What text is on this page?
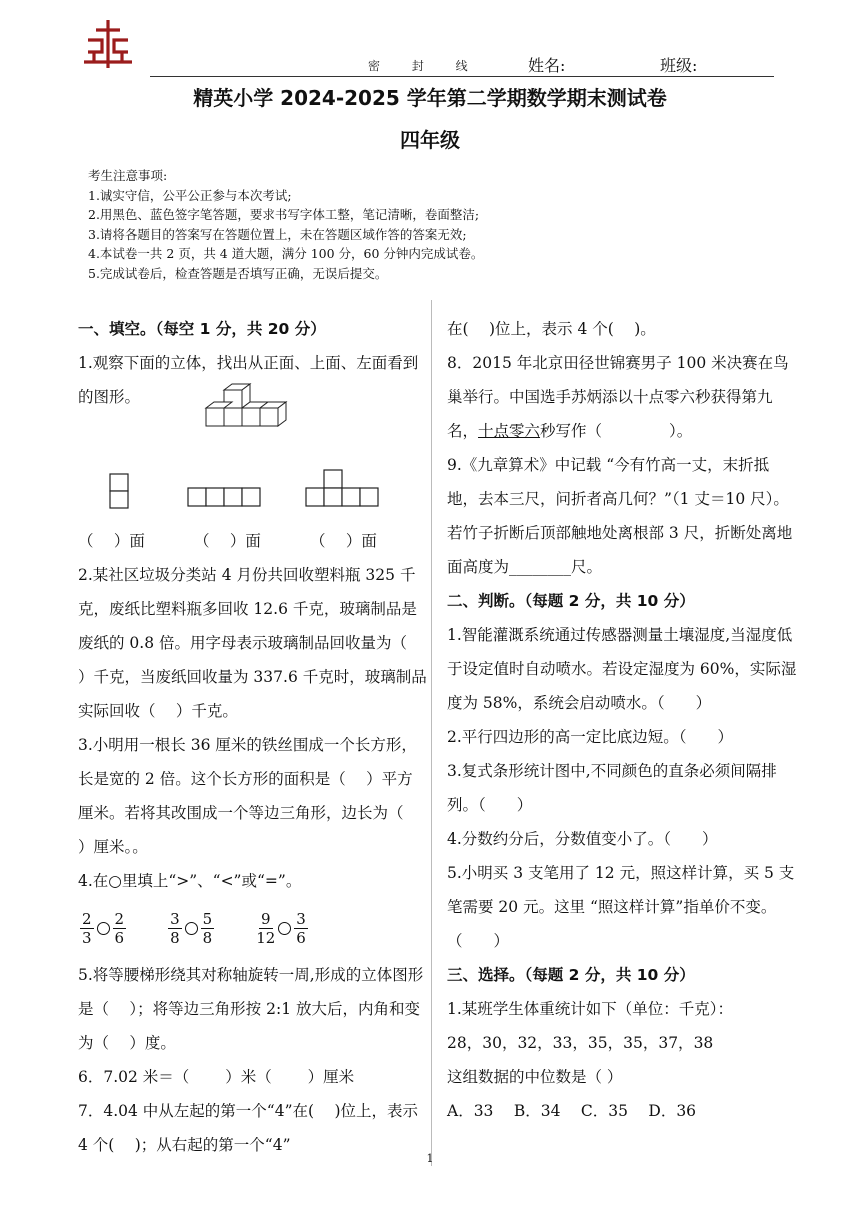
密 封 线	姓名:	班级:
精英小学 2024-2025 学年第二学期数学期末测试卷
四年级
考生注意事项:
1.诚实守信，公平公正参与本次考试;
2.用黑色、蓝色签字笔答题，要求书写字体工整，笔记清晰，卷面整洁;
3.请将各题目的答案写在答题位置上，未在答题区域作答的答案无效;
4.本试卷一共 2 页，共 4 道大题，满分 100 分，60 分钟内完成试卷。
5.完成试卷后，检查答题是否填写正确，无误后提交。
一、填空。（每空 1 分，共 20 分）
1.观察下面的立体，找出从正面、上面、左面看到的图形。
（　 ）面	（　 ）面	（　 ）面
2.某社区垃圾分类站 4 月份共回收塑料瓶 325 千克，废纸比塑料瓶多回收 12.6 千克，玻璃制品是废纸的 0.8 倍。用字母表示玻璃制品回收量为（　 ）千克，当废纸回收量为 337.6 千克时，玻璃制品实际回收（　 ）千克。
3.小明用一根长 36 厘米的铁丝围成一个长方形，长是宽的 2 倍。这个长方形的面积是（　 ）平方厘米。若将其改围成一个等边三角形，边长为（　 ）厘米。。
4.在○里填上“>”、“<”或“=”。
$\frac{2}{3} \frac{2}{6}$	$\frac{3}{8} \frac{5}{8}$	$\frac{9}{12} \frac{3}{6}$
5.将等腰梯形绕其对称轴旋转一周,形成的立体图形是（　 ）；将等边三角形按 2:1 放大后，内角和变为（　 ）度。
6．7.02 米＝（　　 ）米（　　 ）厘米
7．4.04 中从左起的第一个“4”在(　 )位上，表示 4 个(　 )；从右起的第一个“4”
在(　 )位上，表示 4 个(　 )。
8．2015 年北京田径世锦赛男子 100 米决赛在鸟巢举行。中国选手苏炳添以十点零六秒获得第九名，十点零六秒写作（　　　　 ）。
9.《九章算术》中记载 “今有竹高一丈，末折抵地，去本三尺，问折者高几何？”（1 丈＝10 尺）。若竹子折断后顶部触地处离根部 3 尺，折断处离地面高度为________尺。
二、判断。（每题 2 分，共 10 分）
1.智能灌溉系统通过传感器测量土壤湿度,当湿度低于设定值时自动喷水。若设定湿度为 60%，实际湿度为 58%，系统会启动喷水。（　　）
2.平行四边形的高一定比底边短。（　　）
3.复式条形统计图中,不同颜色的直条必须间隔排列。（　　）
4.分数约分后，分数值变小了。（　　）
5.小明买 3 支笔用了 12 元，照这样计算，买 5 支笔需要 20 元。这里 “照这样计算”指单价不变。（　　）
三、选择。（每题 2 分，共 10 分）
1.某班学生体重统计如下（单位：千克）：
28，30，32，33，35，35，37，38
这组数据的中位数是（ ）
A．33　 B．34　 C．35　 D．36
1
